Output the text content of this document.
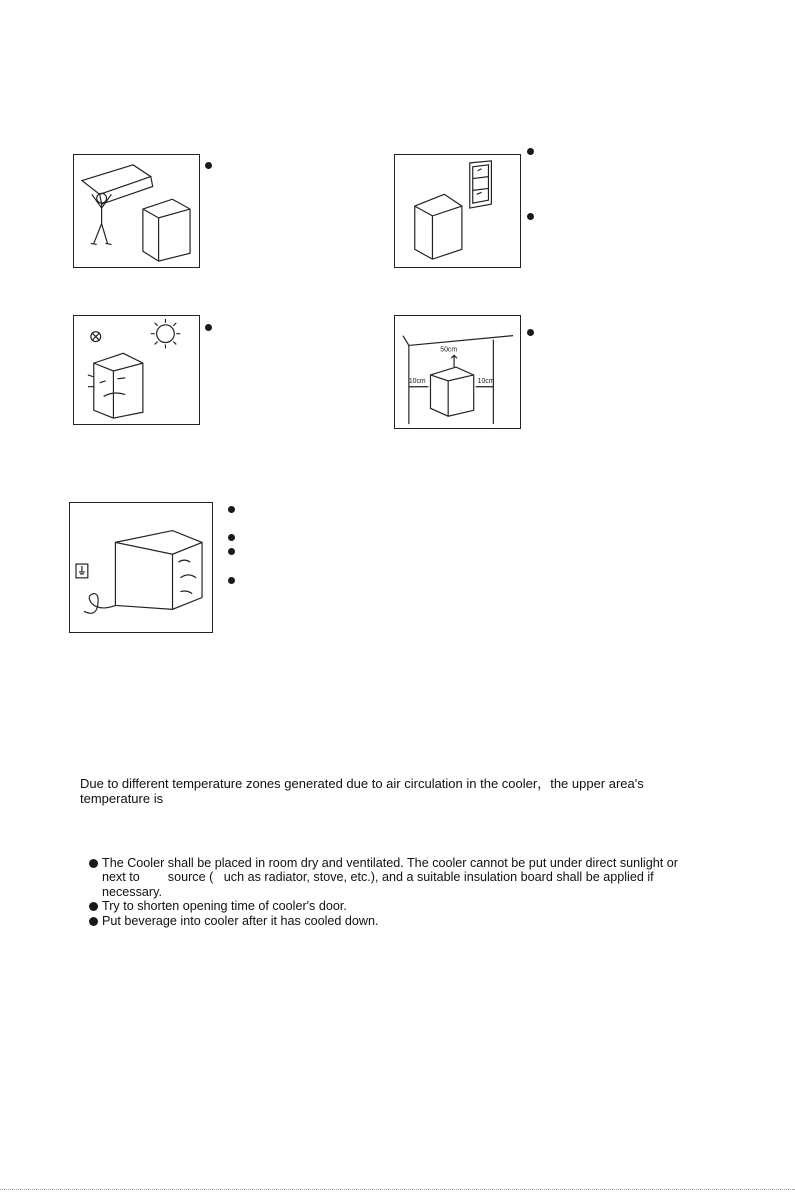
50cm
10cm	10cm
Due to different temperature zones generated due to air circulation in the cooler，the upper area's
temperature is
The Cooler shall be placed in room dry and ventilated. The cooler cannot be put under direct sunlight or
next to        source (   uch as radiator, stove, etc.), and a suitable insulation board shall be applied if
necessary.
Try to shorten opening time of cooler's door.
Put beverage into cooler after it has cooled down.
